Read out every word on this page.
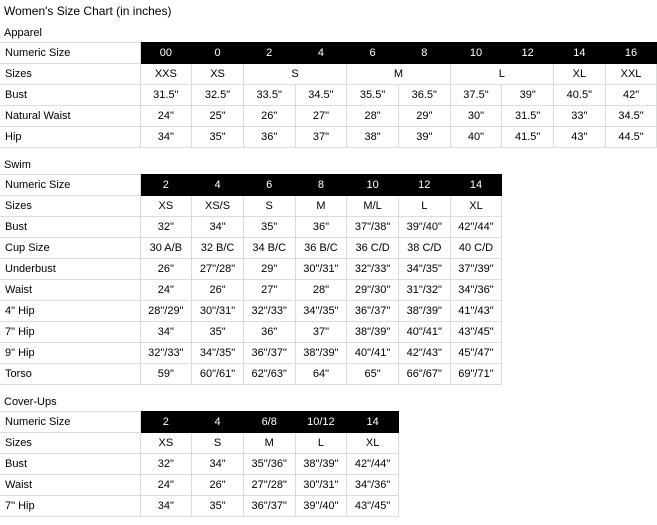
Women's Size Chart (in inches)
Apparel
Numeric Size	00	0	2	4	6	8	10	12	14	16
Sizes	XXS	XS	S		M		L		XL	XXL
Bust	31.5"	32.5"	33.5"	34.5"	35.5"	36.5"	37.5"	39"	40.5"	42"
Natural Waist	24"	25"	26"	27"	28"	29"	30"	31.5"	33"	34.5"
Hip	34"	35"	36"	37"	38"	39"	40"	41.5"	43"	44.5"
Swim
Numeric Size	2	4	6	8	10	12	14			
Sizes	XS	XS/S	S	M	M/L	L	XL			
Bust	32"	34"	35"	36"	37"/38"	39"/40"	42"/44"			
Cup Size	30 A/B	32 B/C	34 B/C	36 B/C	36 C/D	38 C/D	40 C/D			
Underbust	26"	27"/28"	29"	30"/31"	32"/33"	34"/35"	37"/39"			
Waist	24"	26"	27"	28"	29"/30"	31"/32"	34"/36"			
4" Hip	28"/29"	30"/31"	32"/33"	34"/35"	36"/37"	38"/39"	41"/43"			
7" Hip	34"	35"	36"	37"	38"/39"	40"/41"	43"/45"			
9" Hip	32"/33"	34"/35"	36"/37"	38"/39"	40"/41"	42"/43"	45"/47"			
Torso	59"	60"/61"	62"/63"	64"	65"	66"/67"	69"/71"			
Cover-Ups
Numeric Size	2	4	6/8	10/12	14					
Sizes	XS	S	M	L	XL					
Bust	32"	34"	35"/36"	38"/39"	42"/44"					
Waist	24"	26"	27"/28"	30"/31"	34"/36"					
7" Hip	34"	35"	36"/37"	39"/40"	43"/45"					
